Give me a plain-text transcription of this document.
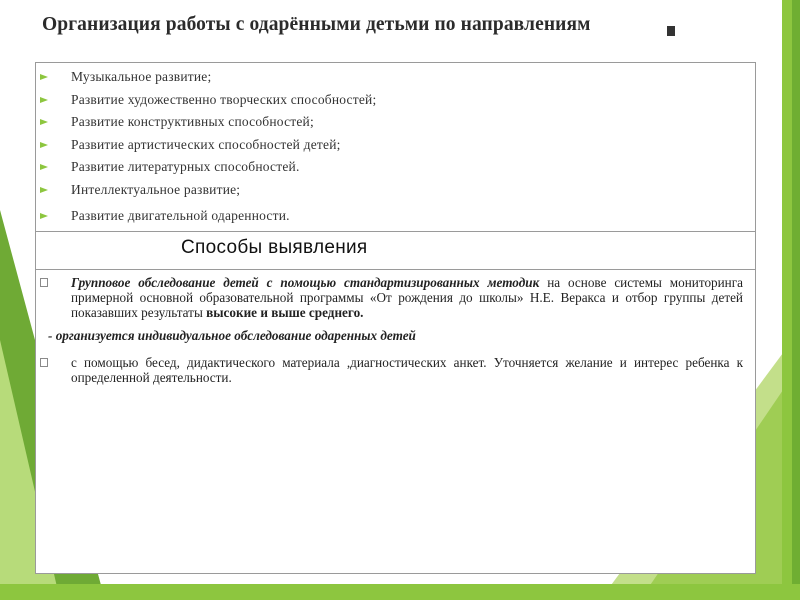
Организация работы с одарёнными детьми по направлениям
Музыкальное развитие;
Развитие художественно творческих способностей;
Развитие конструктивных способностей;
Развитие артистических способностей детей;
Развитие литературных способностей.
Интеллектуальное развитие;
Развитие двигательной одаренности.
Способы выявления
Групповое обследование детей с помощью стандартизированных методик на основе системы мониторинга примерной основной образовательной программы «От рождения до школы» Н.Е. Веракса и отбор группы детей показавших результаты высокие и выше среднего.
- организуется индивидуальное обследование одаренных детей
с помощью бесед, дидактического материала ,диагностических анкет. Уточняется желание и интерес ребенка к определенной деятельности.
